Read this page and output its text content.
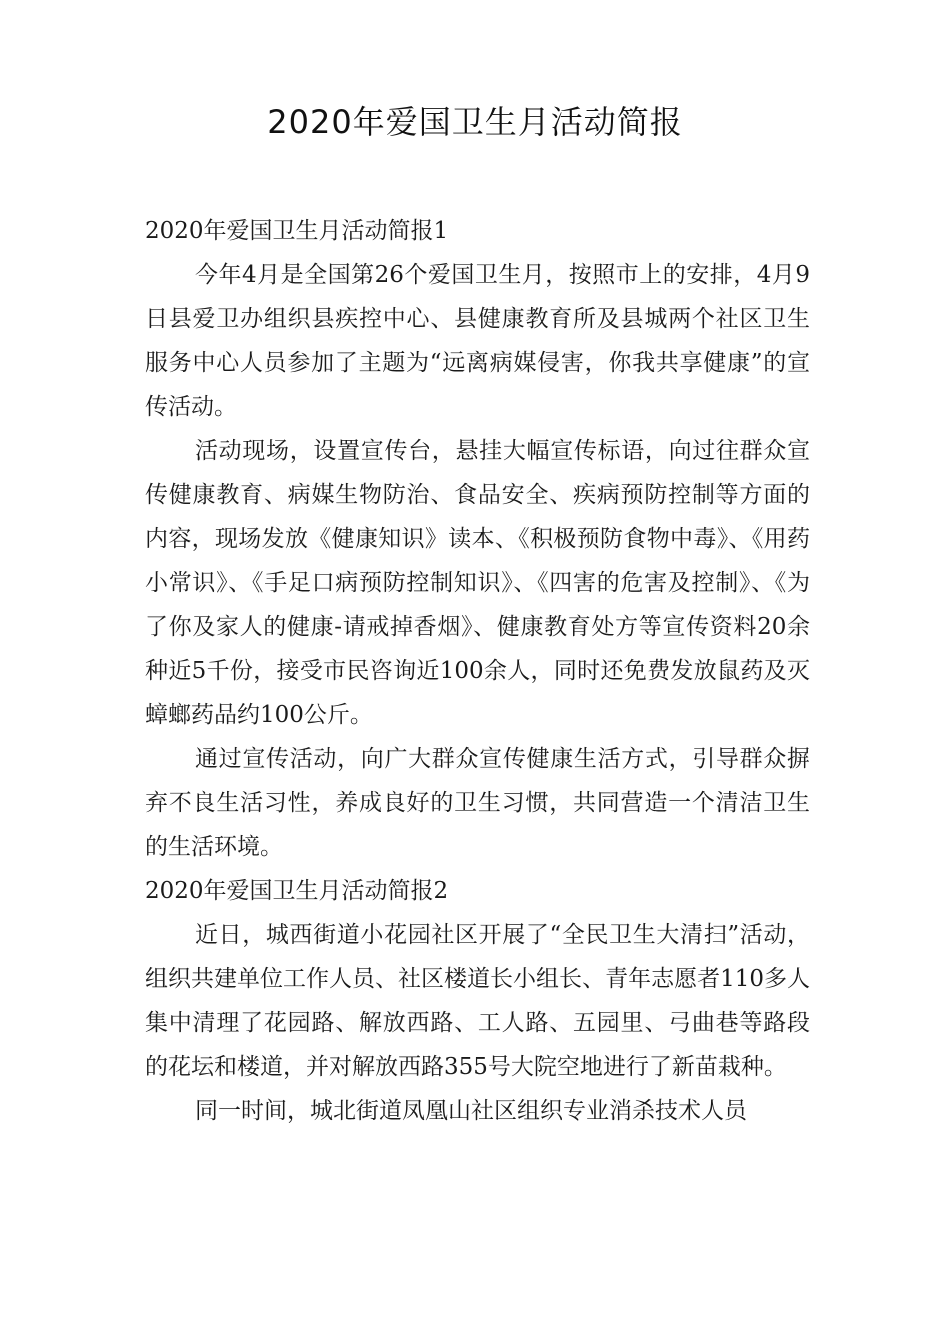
2020年爱国卫生月活动简报

2020年爱国卫生月活动简报1

今年4月是全国第26个爱国卫生月，按照市上的安排，4月9日县爱卫办组织县疾控中心、县健康教育所及县城两个社区卫生服务中心人员参加了主题为“远离病媒侵害，你我共享健康”的宣传活动。

活动现场，设置宣传台，悬挂大幅宣传标语，向过往群众宣传健康教育、病媒生物防治、食品安全、疾病预防控制等方面的内容，现场发放《健康知识》读本、《积极预防食物中毒》、《用药小常识》、《手足口病预防控制知识》、《四害的危害及控制》、《为了你及家人的健康-请戒掉香烟》、健康教育处方等宣传资料20余种近5千份，接受市民咨询近100余人，同时还免费发放鼠药及灭蟑螂药品约100公斤。

通过宣传活动，向广大群众宣传健康生活方式，引导群众摒弃不良生活习性，养成良好的卫生习惯，共同营造一个清洁卫生的生活环境。

2020年爱国卫生月活动简报2

近日，城西街道小花园社区开展了“全民卫生大清扫”活动，组织共建单位工作人员、社区楼道长小组长、青年志愿者110多人集中清理了花园路、解放西路、工人路、五园里、弓曲巷等路段的花坛和楼道，并对解放西路355号大院空地进行了新苗栽种。

同一时间，城北街道凤凰山社区组织专业消杀技术人员
